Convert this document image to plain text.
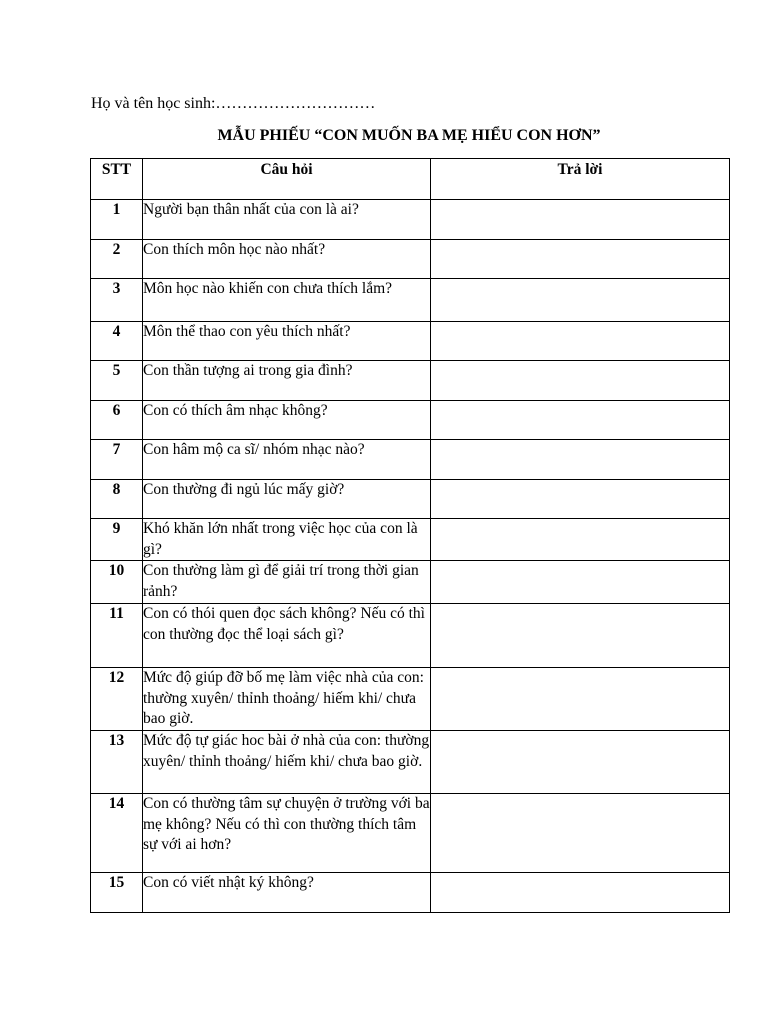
Họ và tên học sinh:…………………………
MẪU PHIẾU “CON MUỐN BA MẸ HIỂU CON HƠN”
STT	Câu hỏi	Trả lời
1	Người bạn thân nhất của con là ai?	
2	Con thích môn học nào nhất?	
3	Môn học nào khiến con chưa thích lắm?	
4	Môn thể thao con yêu thích nhất?	
5	Con thần tượng ai trong gia đình?	
6	Con có thích âm nhạc không?	
7	Con hâm mộ ca sĩ/ nhóm nhạc nào?	
8	Con thường đi ngủ lúc mấy giờ?	
9	Khó khăn lớn nhất trong việc học của con là gì?	
10	Con thường làm gì để giải trí trong thời gian rảnh?	
11	Con có thói quen đọc sách không? Nếu có thì con thường đọc thể loại sách gì?	
12	Mức độ giúp đỡ bố mẹ làm việc nhà của con: thường xuyên/ thỉnh thoảng/ hiếm khi/ chưa bao giờ.	
13	Mức độ tự giác hoc bài ở nhà của con: thường xuyên/ thỉnh thoảng/ hiếm khi/ chưa bao giờ.	
14	Con có thường tâm sự chuyện ở trường với ba mẹ không? Nếu có thì con thường thích tâm sự với ai hơn?	
15	Con có viết nhật ký không?	
